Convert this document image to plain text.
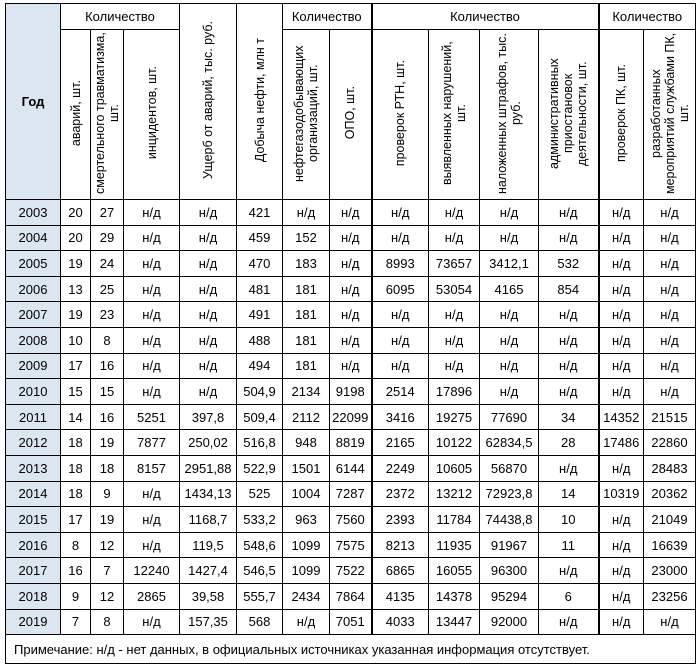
Год	Количество			Ущерб от аварий, тыс. руб.	Добыча нефти, млн т	Количество		Количество				Количество	
	аварий, шт.	смертельного травматизма, шт.	инцидентов, шт.			нефтегазодобывающих организаций, шт.	ОПО, шт.	проверок РТН, шт.	выявленных нарушений, шт.	наложенных штрафов, тыс. руб.	административных приостановок деятельности, шт.	проверок ПК, шт.	разработанных мероприятий службами ПК, шт.
2003	20	27	н/д	н/д	421	н/д	н/д	н/д	н/д	н/д	н/д	н/д	н/д
2004	20	29	н/д	н/д	459	152	н/д	н/д	н/д	н/д	н/д	н/д	н/д
2005	19	24	н/д	н/д	470	183	н/д	8993	73657	3412,1	532	н/д	н/д
2006	13	25	н/д	н/д	481	181	н/д	6095	53054	4165	854	н/д	н/д
2007	19	23	н/д	н/д	491	181	н/д	н/д	н/д	н/д	н/д	н/д	н/д
2008	10	8	н/д	н/д	488	181	н/д	н/д	н/д	н/д	н/д	н/д	н/д
2009	17	16	н/д	н/д	494	181	н/д	н/д	н/д	н/д	н/д	н/д	н/д
2010	15	15	н/д	н/д	504,9	2134	9198	2514	17896	н/д	н/д	н/д	н/д
2011	14	16	5251	397,8	509,4	2112	22099	3416	19275	77690	34	14352	21515
2012	18	19	7877	250,02	516,8	948	8819	2165	10122	62834,5	28	17486	22860
2013	18	18	8157	2951,88	522,9	1501	6144	2249	10605	56870	н/д	н/д	28483
2014	18	9	н/д	1434,13	525	1004	7287	2372	13212	72923,8	14	10319	20362
2015	17	19	н/д	1168,7	533,2	963	7560	2393	11784	74438,8	10	н/д	21049
2016	8	12	н/д	119,5	548,6	1099	7575	8213	11935	91967	11	н/д	16639
2017	16	7	12240	1427,4	546,5	1099	7522	6865	16055	96300	н/д	н/д	23000
2018	9	12	2865	39,58	555,7	2434	7864	4135	14378	95294	6	н/д	23256
2019	7	8	н/д	157,35	568	н/д	7051	4033	13447	92000	н/д	н/д	н/д
Примечание: н/д - нет данных, в официальных источниках указанная информация отсутствует.													
